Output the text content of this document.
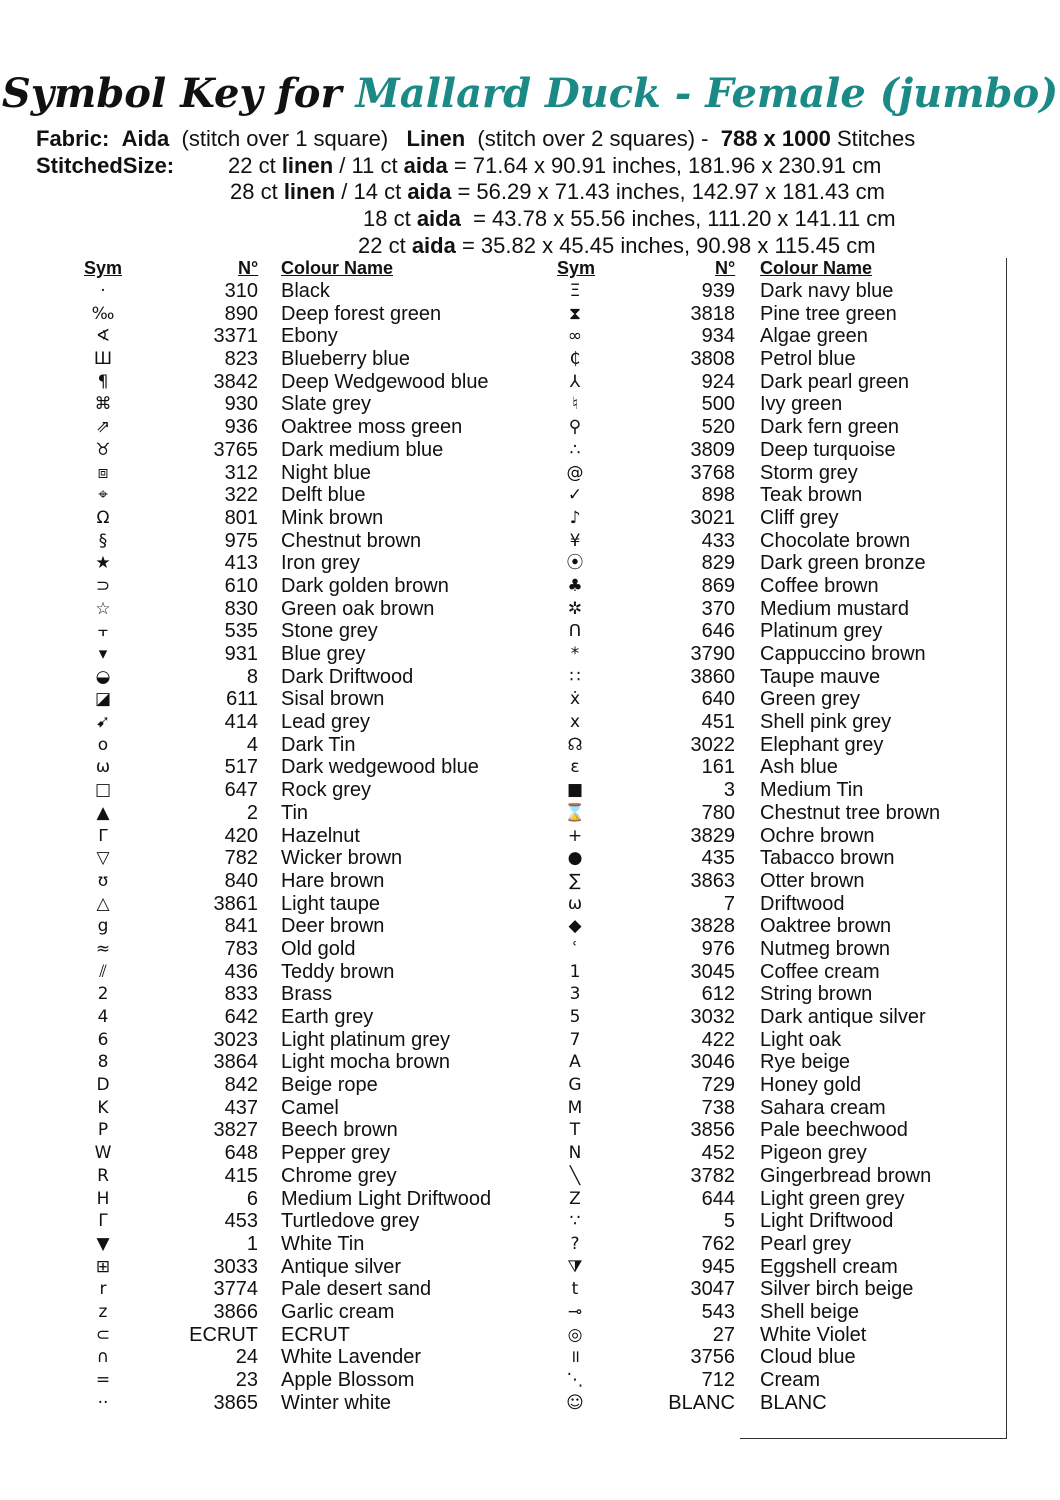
Symbol Key for Mallard Duck - Female (jumbo)
Fabric: Aida (stitch over 1 square) Linen (stitch over 2 squares) - 788 x 1000 Stitches
StitchedSize: 22 ct linen / 11 ct aida = 71.64 x 90.91 inches, 181.96 x 230.91 cm
28 ct linen / 14 ct aida = 56.29 x 71.43 inches, 142.97 x 181.43 cm
18 ct aida  = 43.78 x 55.56 inches, 111.20 x 141.11 cm
22 ct aida = 35.82 x 45.45 inches, 90.98 x 115.45 cm
Sym	N° Colour Name	Sym	N° Colour Name
·	310 Black
‰	890 Deep forest green
∢	3371 Ebony
Ш	823 Blueberry blue
¶	3842 Deep Wedgewood blue
⌘	930 Slate grey
⇗	936 Oaktree moss green
♉	3765 Dark medium blue
⧈	312 Night blue
⌖	322 Delft blue
Ω	801 Mink brown
§	975 Chestnut brown
★	413 Iron grey
⊃	610 Dark golden brown
☆	830 Green oak brown
⫟	535 Stone grey
▾	931 Blue grey
◒	8 Dark Driftwood
◪	611 Sisal brown
➹	414 Lead grey
o	4 Dark Tin
ω	517 Dark wedgewood blue
□	647 Rock grey
▲	2 Tin
ᒥ	420 Hazelnut
▽	782 Wicker brown
ʊ	840 Hare brown
△	3861 Light taupe
g	841 Deer brown
≈	783 Old gold
⫽	436 Teddy brown
2	833 Brass
4	642 Earth grey
6	3023 Light platinum grey
8	3864 Light mocha brown
D	842 Beige rope
K	437 Camel
P	3827 Beech brown
W	648 Pepper grey
R	415 Chrome grey
H	6 Medium Light Driftwood
Γ	453 Turtledove grey
▼	1 White Tin
⊞	3033 Antique silver
r	3774 Pale desert sand
z	3866 Garlic cream
⊂	ECRUT ECRUT
∩	24 White Lavender
=	23 Apple Blossom
··	3865 Winter white
Ξ	939 Dark navy blue
⧗	3818 Pine tree green
∞	934 Algae green
₵	3808 Petrol blue
⅄	924 Dark pearl green
♮	500 Ivy green
⚲	520 Dark fern green
∴	3809 Deep turquoise
@	3768 Storm grey
✓	898 Teak brown
♪	3021 Cliff grey
¥	433 Chocolate brown
⦿	829 Dark green bronze
♣	869 Coffee brown
✲	370 Medium mustard
ᑎ	646 Platinum grey
*	3790 Cappuccino brown
∷	3860 Taupe mauve
ẋ	640 Green grey
x	451 Shell pink grey
☊	3022 Elephant grey
ε	161 Ash blue
■	3 Medium Tin
⌛	780 Chestnut tree brown
+	3829 Ochre brown
●	435 Tabacco brown
∑	3863 Otter brown
ω	7 Driftwood
◆	3828 Oaktree brown
ʿ	976 Nutmeg brown
1	3045 Coffee cream
3	612 String brown
5	3032 Dark antique silver
7	422 Light oak
A	3046 Rye beige
G	729 Honey gold
M	738 Sahara cream
T	3856 Pale beechwood
N	452 Pigeon grey
╲	3782 Gingerbread brown
Z	644 Light green grey
∵	5 Light Driftwood
?	762 Pearl grey
⧩	945 Eggshell cream
t	3047 Silver birch beige
⊸	543 Shell beige
◎	27 White Violet
॥	3756 Cloud blue
⋱	712 Cream
☺	BLANC BLANC
